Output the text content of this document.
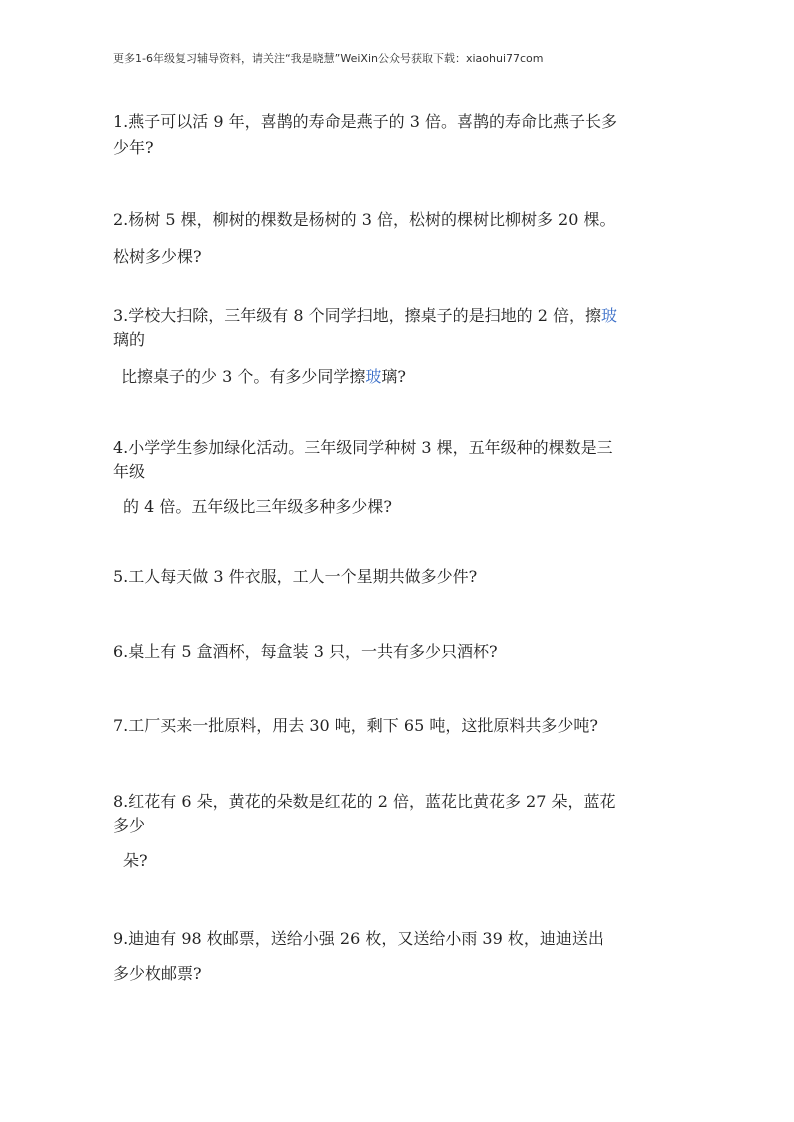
更多1-6年级复习辅导资料，请关注“我是晓慧”WeiXin公众号获取下载：xiaohui77com
1.燕子可以活 9 年，喜鹊的寿命是燕子的 3 倍。喜鹊的寿命比燕子长多
少年?
2.杨树 5 棵，柳树的棵数是杨树的 3 倍，松树的棵树比柳树多 20 棵。
松树多少棵?
3.学校大扫除，三年级有 8 个同学扫地，擦桌子的是扫地的 2 倍，擦玻
璃的
比擦桌子的少 3 个。有多少同学擦玻璃?
4.小学学生参加绿化活动。三年级同学种树 3 棵，五年级种的棵数是三
年级
的 4 倍。五年级比三年级多种多少棵?
5.工人每天做 3 件衣服，工人一个星期共做多少件?
6.桌上有 5 盒酒杯，每盒装 3 只，一共有多少只酒杯?
7.工厂买来一批原料，用去 30 吨，剩下 65 吨，这批原料共多少吨?
8.红花有 6 朵，黄花的朵数是红花的 2 倍，蓝花比黄花多 27 朵，蓝花
多少
朵?
9.迪迪有 98 枚邮票，送给小强 26 枚，又送给小雨 39 枚，迪迪送出
多少枚邮票?
